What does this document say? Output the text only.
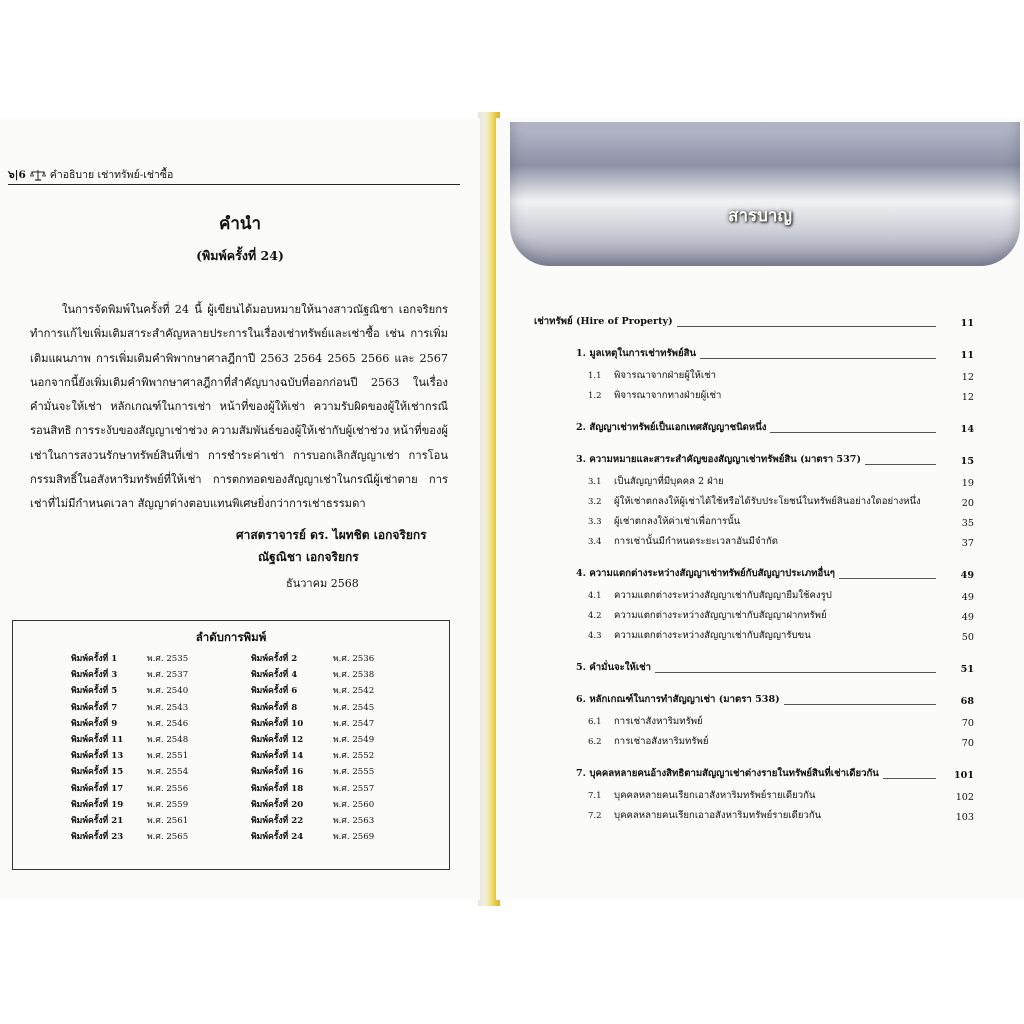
๖|6 คำอธิบาย เช่าทรัพย์-เช่าซื้อ
คำนำ
(พิมพ์ครั้งที่ 24)

ในการจัดพิมพ์ในครั้งที่ 24 นี้ ผู้เขียนได้มอบหมายให้นางสาวณัฐณิชา เอกจริยกร ทำการแก้ไขเพิ่มเติมสาระสำคัญหลายประการในเรื่องเช่าทรัพย์และเช่าซื้อ เช่น การเพิ่มเติมแผนภาพ การเพิ่มเติมคำพิพากษาศาลฎีกาปี 2563 2564 2565 2566 และ 2567 นอกจากนี้ยังเพิ่มเติมคำพิพากษาศาลฎีกาที่สำคัญบางฉบับที่ออกก่อนปี 2563 ในเรื่อง คำมั่นจะให้เช่า หลักเกณฑ์ในการเช่า หน้าที่ของผู้ให้เช่า ความรับผิดของผู้ให้เช่ากรณีรอนสิทธิ การระงับของสัญญาเช่าช่วง ความสัมพันธ์ของผู้ให้เช่ากับผู้เช่าช่วง หน้าที่ของผู้เช่าในการสงวนรักษาทรัพย์สินที่เช่า การชำระค่าเช่า การบอกเลิกสัญญาเช่า การโอนกรรมสิทธิ์ในอสังหาริมทรัพย์ที่ให้เช่า การตกทอดของสัญญาเช่าในกรณีผู้เช่าตาย การเช่าที่ไม่มีกำหนดเวลา สัญญาต่างตอบแทนพิเศษยิ่งกว่าการเช่าธรรมดา

ศาสตราจารย์ ดร. ไผทชิต เอกจริยกร
ณัฐณิชา เอกจริยกร
ธันวาคม 2568
ลำดับการพิมพ์
พิมพ์ครั้งที่ 1	พ.ศ. 2535	พิมพ์ครั้งที่ 2	พ.ศ. 2536
พิมพ์ครั้งที่ 3	พ.ศ. 2537	พิมพ์ครั้งที่ 4	พ.ศ. 2538
พิมพ์ครั้งที่ 5	พ.ศ. 2540	พิมพ์ครั้งที่ 6	พ.ศ. 2542
พิมพ์ครั้งที่ 7	พ.ศ. 2543	พิมพ์ครั้งที่ 8	พ.ศ. 2545
พิมพ์ครั้งที่ 9	พ.ศ. 2546	พิมพ์ครั้งที่ 10	พ.ศ. 2547
พิมพ์ครั้งที่ 11	พ.ศ. 2548	พิมพ์ครั้งที่ 12	พ.ศ. 2549
พิมพ์ครั้งที่ 13	พ.ศ. 2551	พิมพ์ครั้งที่ 14	พ.ศ. 2552
พิมพ์ครั้งที่ 15	พ.ศ. 2554	พิมพ์ครั้งที่ 16	พ.ศ. 2555
พิมพ์ครั้งที่ 17	พ.ศ. 2556	พิมพ์ครั้งที่ 18	พ.ศ. 2557
พิมพ์ครั้งที่ 19	พ.ศ. 2559	พิมพ์ครั้งที่ 20	พ.ศ. 2560
พิมพ์ครั้งที่ 21	พ.ศ. 2561	พิมพ์ครั้งที่ 22	พ.ศ. 2563
พิมพ์ครั้งที่ 23	พ.ศ. 2565	พิมพ์ครั้งที่ 24	พ.ศ. 2569
สารบาญ
เช่าทรัพย์ (Hire of Property)	11
1. มูลเหตุในการเช่าทรัพย์สิน	11
1.1 พิจารณาจากฝ่ายผู้ให้เช่า	12
1.2 พิจารณาจากทางฝ่ายผู้เช่า	12
2. สัญญาเช่าทรัพย์เป็นเอกเทศสัญญาชนิดหนึ่ง	14
3. ความหมายและสาระสำคัญของสัญญาเช่าทรัพย์สิน (มาตรา 537)	15
3.1 เป็นสัญญาที่มีบุคคล 2 ฝ่าย	19
3.2 ผู้ให้เช่าตกลงให้ผู้เช่าได้ใช้หรือได้รับประโยชน์ในทรัพย์สินอย่างใดอย่างหนึ่ง	20
3.3 ผู้เช่าตกลงให้ค่าเช่าเพื่อการนั้น	35
3.4 การเช่านั้นมีกำหนดระยะเวลาอันมีจำกัด	37
4. ความแตกต่างระหว่างสัญญาเช่าทรัพย์กับสัญญาประเภทอื่นๆ	49
4.1 ความแตกต่างระหว่างสัญญาเช่ากับสัญญายืมใช้คงรูป	49
4.2 ความแตกต่างระหว่างสัญญาเช่ากับสัญญาฝากทรัพย์	49
4.3 ความแตกต่างระหว่างสัญญาเช่ากับสัญญารับขน	50
5. คำมั่นจะให้เช่า	51
6. หลักเกณฑ์ในการทำสัญญาเช่า (มาตรา 538)	68
6.1 การเช่าสังหาริมทรัพย์	70
6.2 การเช่าอสังหาริมทรัพย์	70
7. บุคคลหลายคนอ้างสิทธิตามสัญญาเช่าต่างรายในทรัพย์สินที่เช่าเดียวกัน	101
7.1 บุคคลหลายคนเรียกเอาสังหาริมทรัพย์รายเดียวกัน	102
7.2 บุคคลหลายคนเรียกเอาอสังหาริมทรัพย์รายเดียวกัน	103
